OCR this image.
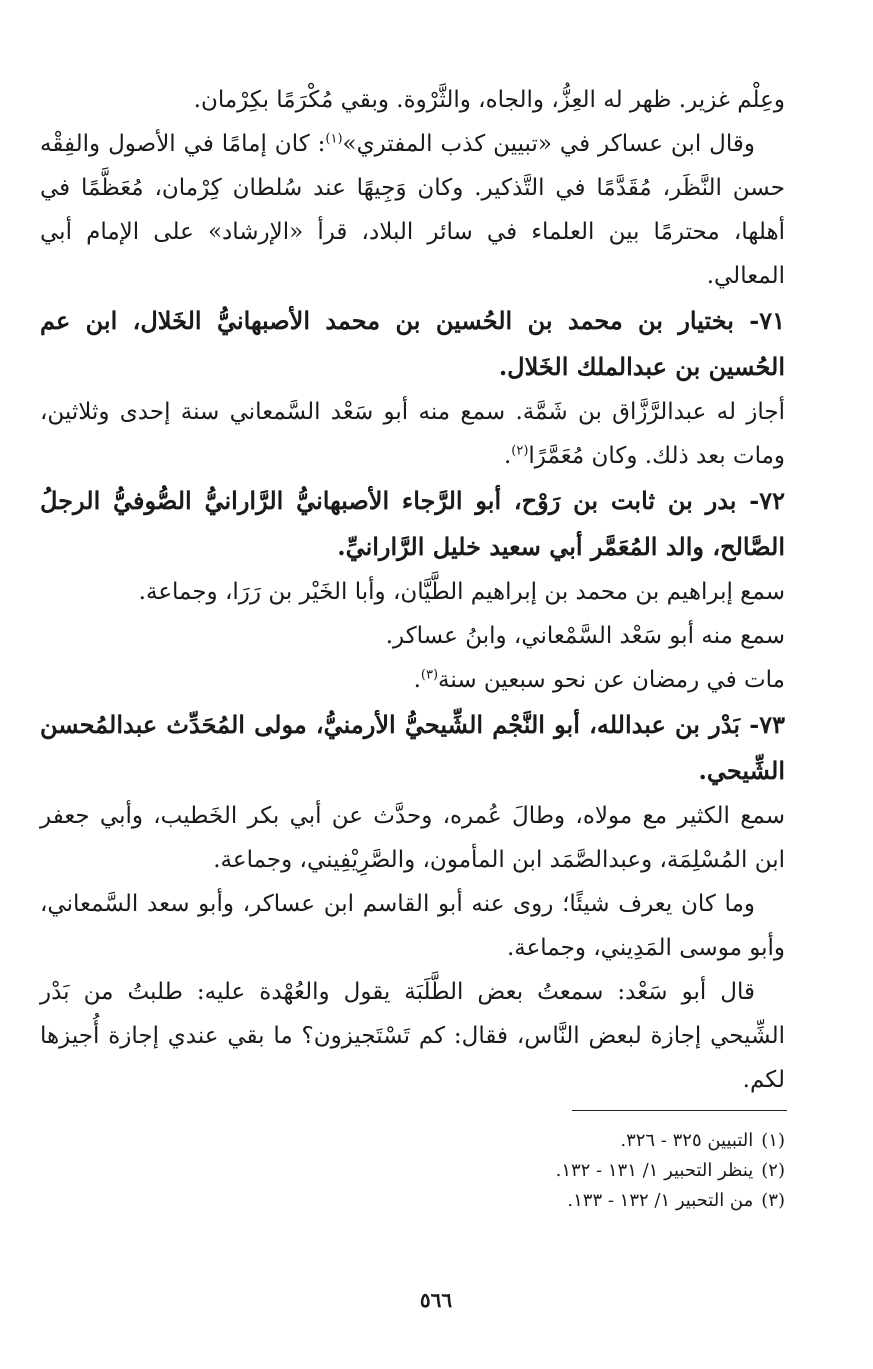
وعِلْم غزير. ظهر له العِزُّ، والجاه، والثَّرْوة. وبقي مُكْرَمًا بكِرْمان.

وقال ابن عساكر في «تبيين كذب المفتري»$^{(١)}$: كان إمامًا في الأصول والفِقْه حسن النَّظَر، مُقَدَّمًا في التَّذكير. وكان وَجِيهًا عند سُلطان كِرْمان، مُعَظَّمًا في أهلها، محترمًا بين العلماء في سائر البلاد، قرأ «الإرشاد» على الإمام أبي المعالي.

٧١- بختيار بن محمد بن الحُسين بن محمد الأصبهانيُّ الخَلال، ابن عم الحُسين بن عبدالملك الخَلال.

أجاز له عبدالرَّزَّاق بن شَمَّة. سمع منه أبو سَعْد السَّمعاني سنة إحدى وثلاثين، ومات بعد ذلك. وكان مُعَمَّرًا$^{(٢)}$.

٧٢- بدر بن ثابت بن رَوْح، أبو الرَّجاء الأصبهانيُّ الرَّارانيُّ الصُّوفيُّ الرجلُ الصَّالح، والد المُعَمَّر أبي سعيد خليل الرَّارانيِّ.

سمع إبراهيم بن محمد بن إبراهيم الطَّيَّان، وأبا الخَيْر بن رَرَا، وجماعة.

سمع منه أبو سَعْد السَّمْعاني، وابنُ عساكر.

مات في رمضان عن نحو سبعين سنة$^{(٣)}$.

٧٣- بَدْر بن عبدالله، أبو النَّجْم الشِّيحيُّ الأرمنيُّ، مولى المُحَدِّث عبدالمُحسن الشِّيحي.

سمع الكثير مع مولاه، وطالَ عُمره، وحدَّث عن أبي بكر الخَطيب، وأبي جعفر ابن المُسْلِمَة، وعبدالصَّمَد ابن المأمون، والصَّرِيْفِيني، وجماعة.

وما كان يعرف شيئًا؛ روى عنه أبو القاسم ابن عساكر، وأبو سعد السَّمعاني، وأبو موسى المَدِيني، وجماعة.

قال أبو سَعْد: سمعتُ بعض الطَّلَبَة يقول والعُهْدة عليه: طلبتُ من بَدْر الشِّيحي إجازة لبعض النَّاس، فقال: كم تَسْتَجيزون؟ ما بقي عندي إجازة أُجيزها لكم.

(١)التبيين ٣٢٥ - ٣٢٦.

(٢)ينظر التحبير ١/ ١٣١ - ١٣٢.

(٣)من التحبير ١/ ١٣٢ - ١٣٣.

٥٦٦
